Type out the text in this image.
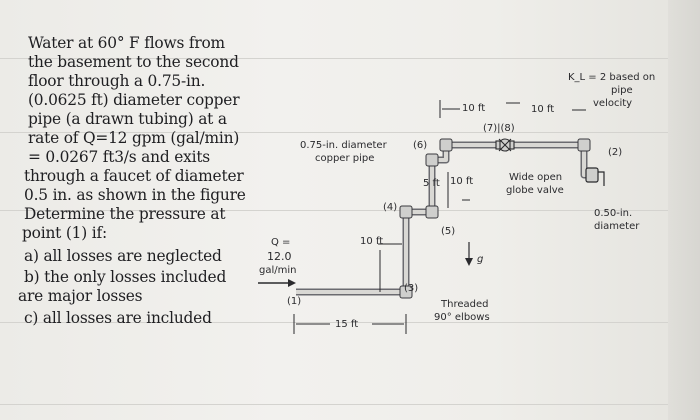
Water at 60° F flows from
the basement to the second
floor through a 0.75-in.
(0.0625 ft) diameter copper
pipe (a drawn tubing) at a
rate of Q=12 gpm (gal/min)
= 0.0267 ft3/s and exits
through a faucet of diameter
0.5 in. as shown in the figure
Determine the pressure at
point (1) if:
a) all losses are neglected
b) the only losses included
are major losses
c) all losses are included
0.75-in. diameter
copper pipe
(6)
(7)|(8)
10 ft	10 ft
K_L = 2 based on
pipe
velocity
(2)
Wide open
globe valve
0.50-in.
diameter
5 ft 10 ft
(4)
(5)
10 ft
g
Q =
12.0
gal/min
(1)
(3)
15 ft
Threaded
90° elbows
